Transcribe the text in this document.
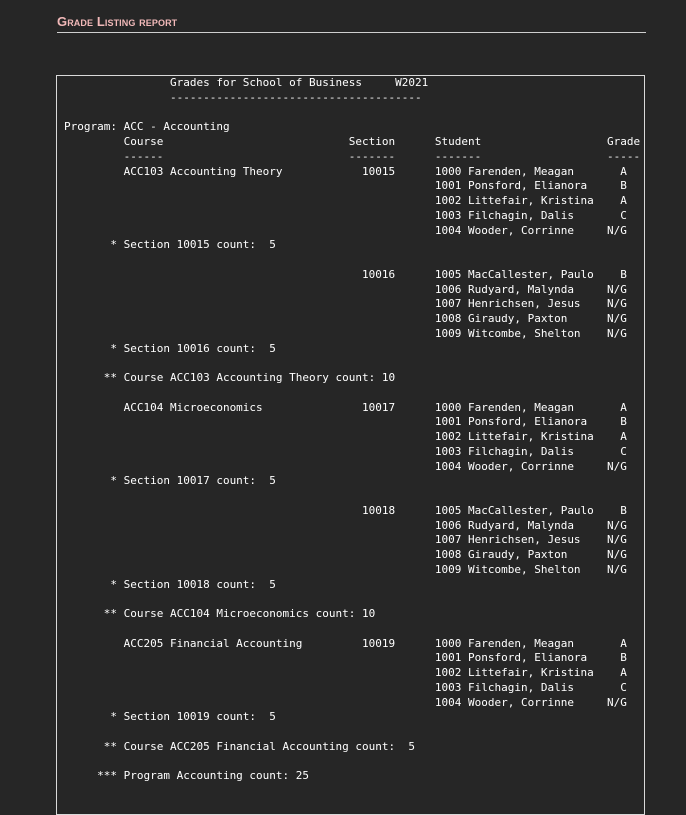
Grade Listing report
Grades for School of Business     W2021
--------------------------------------

Program: ACC - Accounting
Course                            Section      Student                   Grade
------                            -------      -------                   -----
ACC103 Accounting Theory            10015      1000 Farenden, Meagan       A
1001 Ponsford, Elianora     B
1002 Littefair, Kristina    A
1003 Filchagin, Dalis       C
1004 Wooder, Corrinne     N/G
* Section 10015 count:  5

10016      1005 MacCallester, Paulo    B
1006 Rudyard, Malynda     N/G
1007 Henrichsen, Jesus    N/G
1008 Giraudy, Paxton      N/G
1009 Witcombe, Shelton    N/G
* Section 10016 count:  5

** Course ACC103 Accounting Theory count: 10

ACC104 Microeconomics               10017      1000 Farenden, Meagan       A
1001 Ponsford, Elianora     B
1002 Littefair, Kristina    A
1003 Filchagin, Dalis       C
1004 Wooder, Corrinne     N/G
* Section 10017 count:  5

10018      1005 MacCallester, Paulo    B
1006 Rudyard, Malynda     N/G
1007 Henrichsen, Jesus    N/G
1008 Giraudy, Paxton      N/G
1009 Witcombe, Shelton    N/G
* Section 10018 count:  5

** Course ACC104 Microeconomics count: 10

ACC205 Financial Accounting         10019      1000 Farenden, Meagan       A
1001 Ponsford, Elianora     B
1002 Littefair, Kristina    A
1003 Filchagin, Dalis       C
1004 Wooder, Corrinne     N/G
* Section 10019 count:  5

** Course ACC205 Financial Accounting count:  5

*** Program Accounting count: 25
